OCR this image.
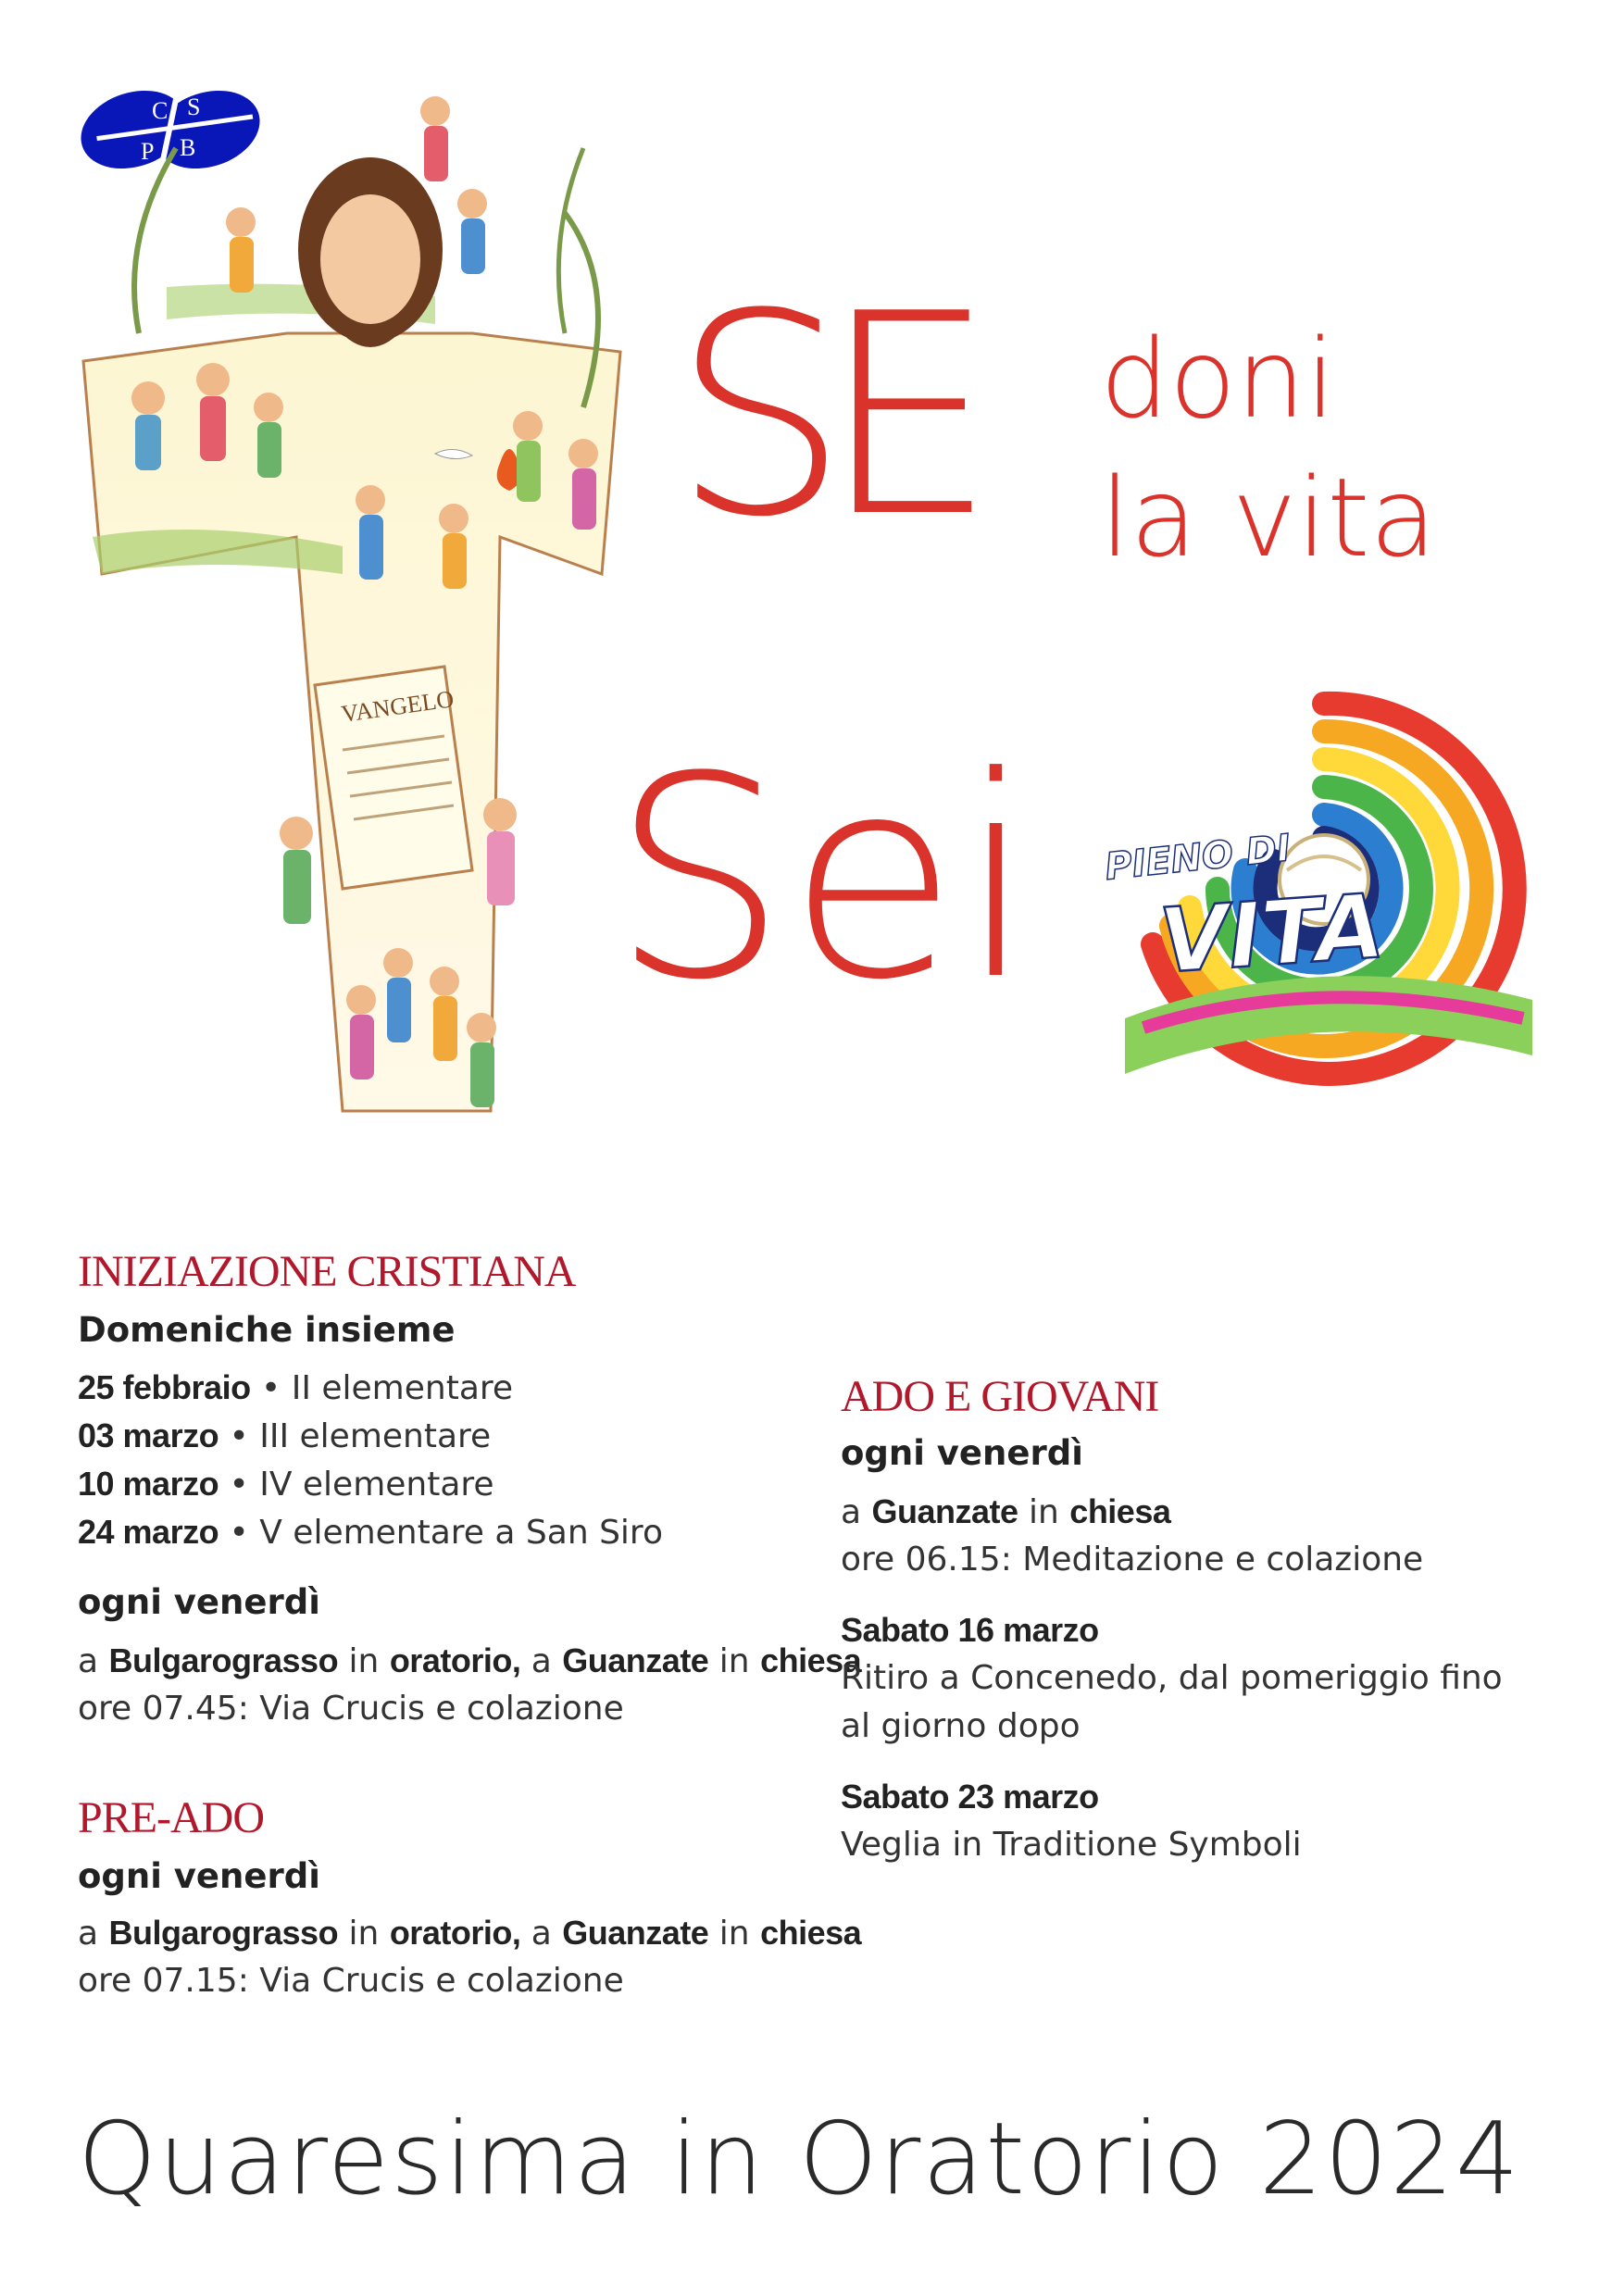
C S
P B
VANGELO
SE doni
la vita
Sei PIENO DI
VITA
INIZIAZIONE CRISTIANA
Domeniche insieme
25 febbraio • II elementare
03 marzo • III elementare
10 marzo • IV elementare
24 marzo • V elementare a San Siro
ogni venerdì
a Bulgarograsso in oratorio, a Guanzate in chiesa
ore 07.45: Via Crucis e colazione
PRE-ADO
ogni venerdì
a Bulgarograsso in oratorio, a Guanzate in chiesa
ore 07.15: Via Crucis e colazione
ADO E GIOVANI
ogni venerdì
a Guanzate in chiesa
ore 06.15: Meditazione e colazione
Sabato 16 marzo
Ritiro a Concenedo, dal pomeriggio fino
al giorno dopo
Sabato 23 marzo
Veglia in Traditione Symboli
Quaresima in Oratorio 2024
